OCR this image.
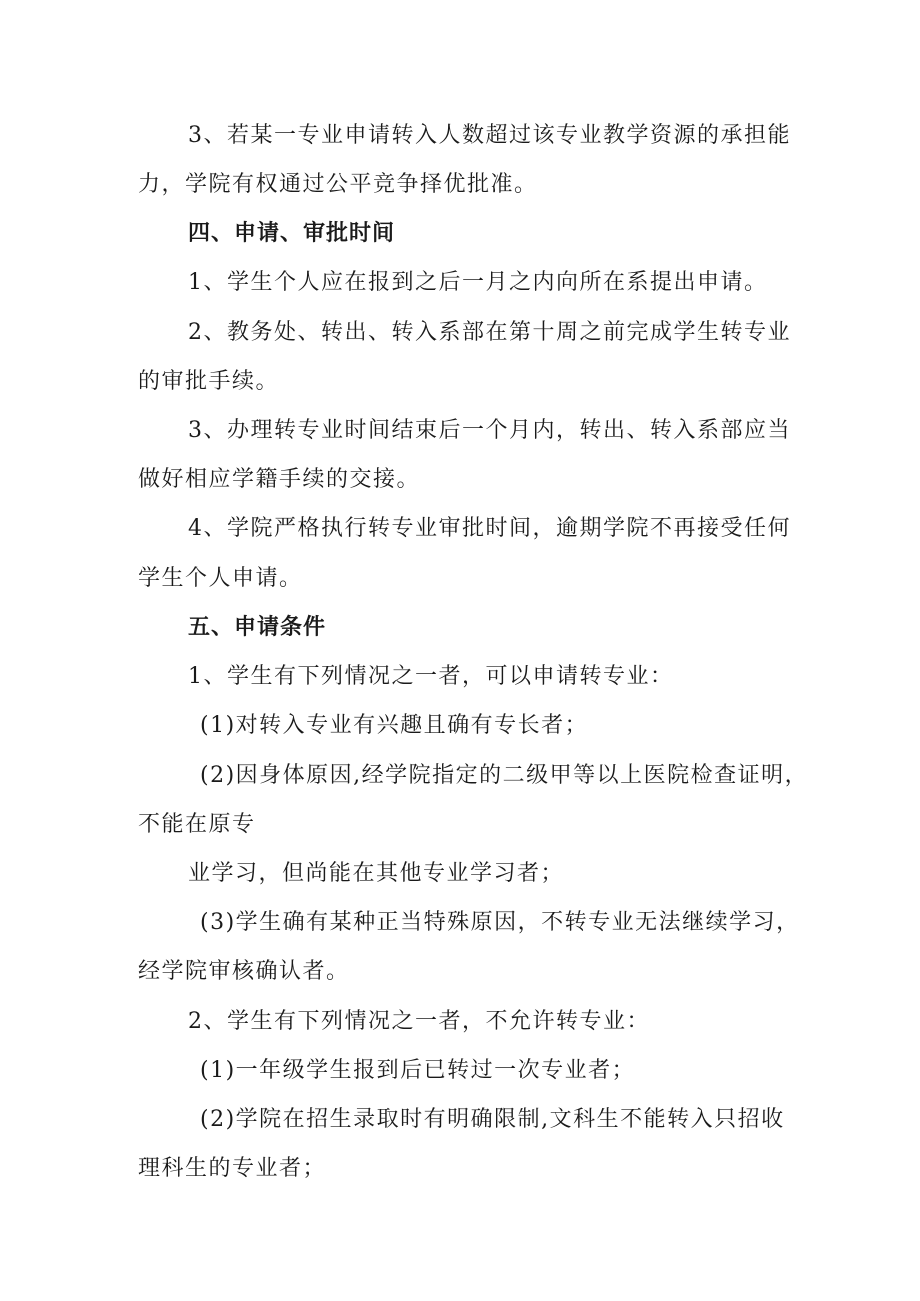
3、若某一专业申请转入人数超过该专业教学资源的承担能
力，学院有权通过公平竞争择优批准。
四、申请、审批时间
1、学生个人应在报到之后一月之内向所在系提出申请。
2、教务处、转出、转入系部在第十周之前完成学生转专业
的审批手续。
3、办理转专业时间结束后一个月内，转出、转入系部应当
做好相应学籍手续的交接。
4、学院严格执行转专业审批时间，逾期学院不再接受任何
学生个人申请。
五、申请条件
1、学生有下列情况之一者，可以申请转专业：
(1)对转入专业有兴趣且确有专长者；
(2)因身体原因,经学院指定的二级甲等以上医院检查证明，
不能在原专
业学习，但尚能在其他专业学习者；
(3)学生确有某种正当特殊原因，不转专业无法继续学习，
经学院审核确认者。
2、学生有下列情况之一者，不允许转专业：
(1)一年级学生报到后已转过一次专业者；
(2)学院在招生录取时有明确限制,文科生不能转入只招收
理科生的专业者；
